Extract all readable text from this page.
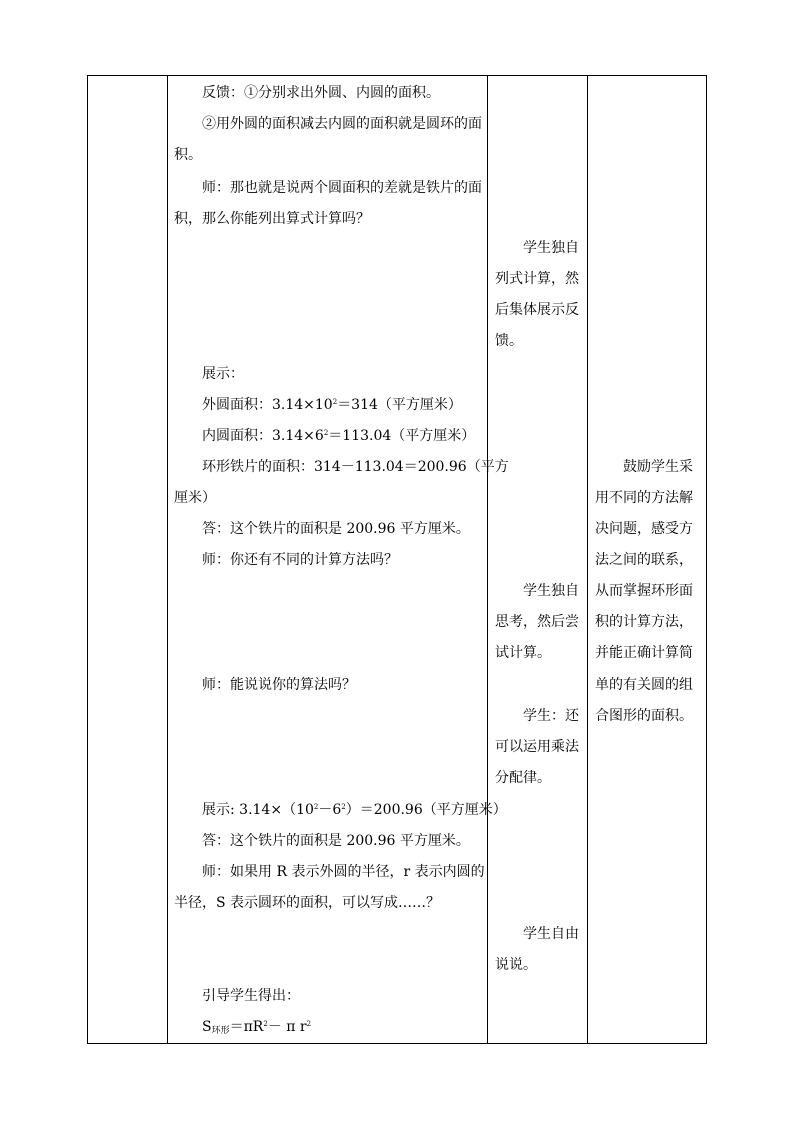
反馈：①分别求出外圆、内圆的面积。
②用外圆的面积减去内圆的面积就是圆环的面
积。
师：那也就是说两个圆面积的差就是铁片的面
积，那么你能列出算式计算吗？
展示：
外圆面积：$3.14\times 10^2=314$（平方厘米）
内圆面积：$3.14\times 6^2=113.04$（平方厘米）
环形铁片的面积：314－113.04＝200.96（平方
厘米）
答：这个铁片的面积是 200.96 平方厘米。
师：你还有不同的计算方法吗？
师：能说说你的算法吗？
展示: $3.14\times(10^2-6^2)=200.96$（平方厘米）
答：这个铁片的面积是 200.96 平方厘米。
师：如果用 R 表示外圆的半径，r 表示内圆的
半径，S 表示圆环的面积，可以写成……？
引导学生得出：
S环形$=\pi R^2- \pi$ $r^2$
学生独自
列式计算，然
后集体展示反
馈。
学生独自
思考，然后尝
试计算。
学生：还
可以运用乘法
分配律。
学生自由
说说。
鼓励学生采
用不同的方法解
决问题，感受方
法之间的联系，
从而掌握环形面
积的计算方法，
并能正确计算简
单的有关圆的组
合图形的面积。
